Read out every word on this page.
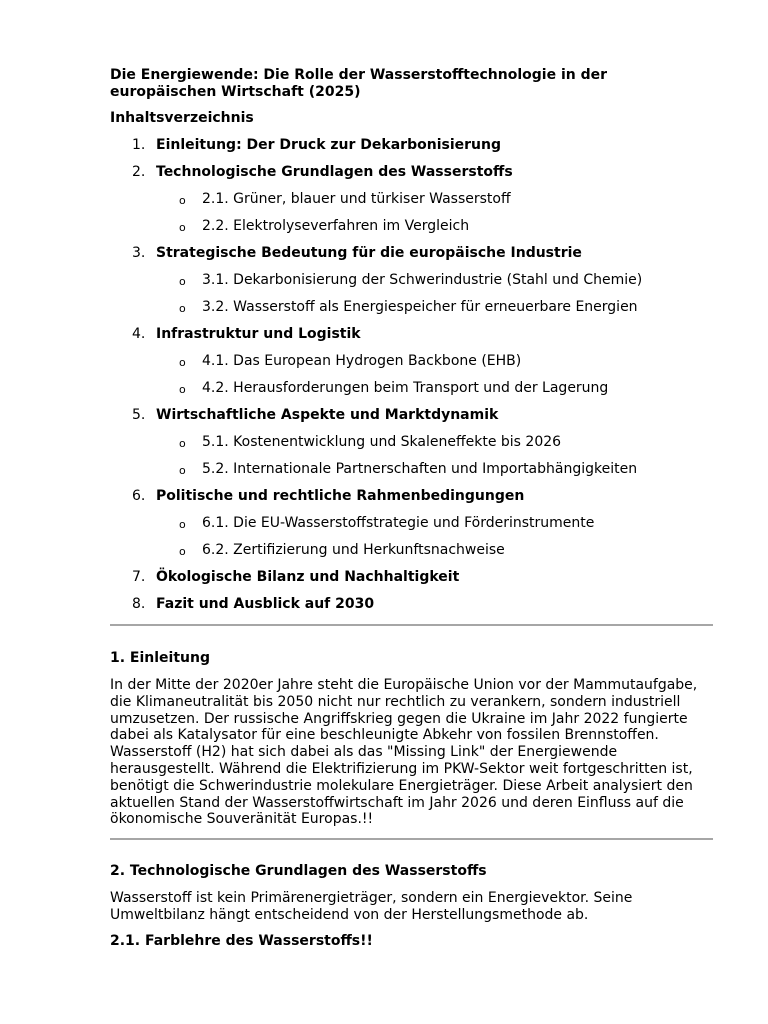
Die Energiewende: Die Rolle der Wasserstofftechnologie in der europäischen Wirtschaft (2025)
Inhaltsverzeichnis
1. Einleitung: Der Druck zur Dekarbonisierung
2. Technologische Grundlagen des Wasserstoffs
o 2.1. Grüner, blauer und türkiser Wasserstoff
o 2.2. Elektrolyseverfahren im Vergleich
3. Strategische Bedeutung für die europäische Industrie
o 3.1. Dekarbonisierung der Schwerindustrie (Stahl und Chemie)
o 3.2. Wasserstoff als Energiespeicher für erneuerbare Energien
4. Infrastruktur und Logistik
o 4.1. Das European Hydrogen Backbone (EHB)
o 4.2. Herausforderungen beim Transport und der Lagerung
5. Wirtschaftliche Aspekte und Marktdynamik
o 5.1. Kostenentwicklung und Skaleneffekte bis 2026
o 5.2. Internationale Partnerschaften und Importabhängigkeiten
6. Politische und rechtliche Rahmenbedingungen
o 6.1. Die EU-Wasserstoffstrategie und Förderinstrumente
o 6.2. Zertifizierung und Herkunftsnachweise
7. Ökologische Bilanz und Nachhaltigkeit
8. Fazit und Ausblick auf 2030
1. Einleitung
In der Mitte der 2020er Jahre steht die Europäische Union vor der Mammutaufgabe,
die Klimaneutralität bis 2050 nicht nur rechtlich zu verankern, sondern industriell
umzusetzen. Der russische Angriffskrieg gegen die Ukraine im Jahr 2022 fungierte
dabei als Katalysator für eine beschleunigte Abkehr von fossilen Brennstoffen.
Wasserstoff (H2) hat sich dabei als das "Missing Link" der Energiewende
herausgestellt. Während die Elektrifizierung im PKW-Sektor weit fortgeschritten ist,
benötigt die Schwerindustrie molekulare Energieträger. Diese Arbeit analysiert den
aktuellen Stand der Wasserstoffwirtschaft im Jahr 2026 und deren Einfluss auf die
ökonomische Souveränität Europas.!!
2. Technologische Grundlagen des Wasserstoffs
Wasserstoff ist kein Primärenergieträger, sondern ein Energievektor. Seine
Umweltbilanz hängt entscheidend von der Herstellungsmethode ab.
2.1. Farblehre des Wasserstoffs!!
